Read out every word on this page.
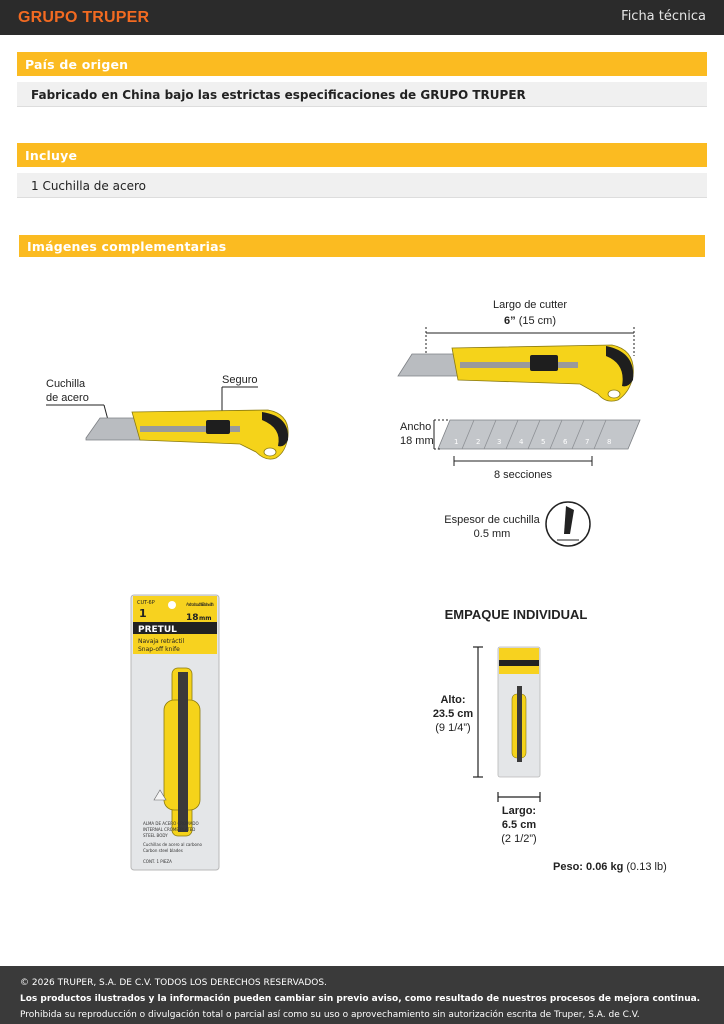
GRUPO TRUPER	Ficha técnica
País de origen
Fabricado en China bajo las estrictas especificaciones de GRUPO TRUPER
Incluye
1 Cuchilla de acero
Imágenes complementarias
Cuchilla
de acero
Seguro
Largo de cutter
6” (15 cm)
Ancho
18 mm
8 secciones
Espesor de cuchilla
0.5 mm
1	2 3	4	5	6	7	8
CUT-6P
1
Ancho de cuchilla Blade width
18 mm
PRETUL
Navaja retráctil
Snap-off knife
ALMA DE ACERO CROMADO
INTERNAL CROME PLATED
STEEL BODY
Cuchillas de acero al carbono
Carbon steel blades
CONT. 1 PIEZA
EMPAQUE INDIVIDUAL
Alto:
23.5 cm
(9 1/4”)
Largo:
6.5 cm
(2 1/2”)
Peso: 0.06 kg (0.13 lb)
© 2026 TRUPER, S.A. DE C.V. TODOS LOS DERECHOS RESERVADOS.
Los productos ilustrados y la información pueden cambiar sin previo aviso, como resultado de nuestros procesos de mejora continua.
Prohibida su reproducción o divulgación total o parcial así como su uso o aprovechamiento sin autorización escrita de Truper, S.A. de C.V.
